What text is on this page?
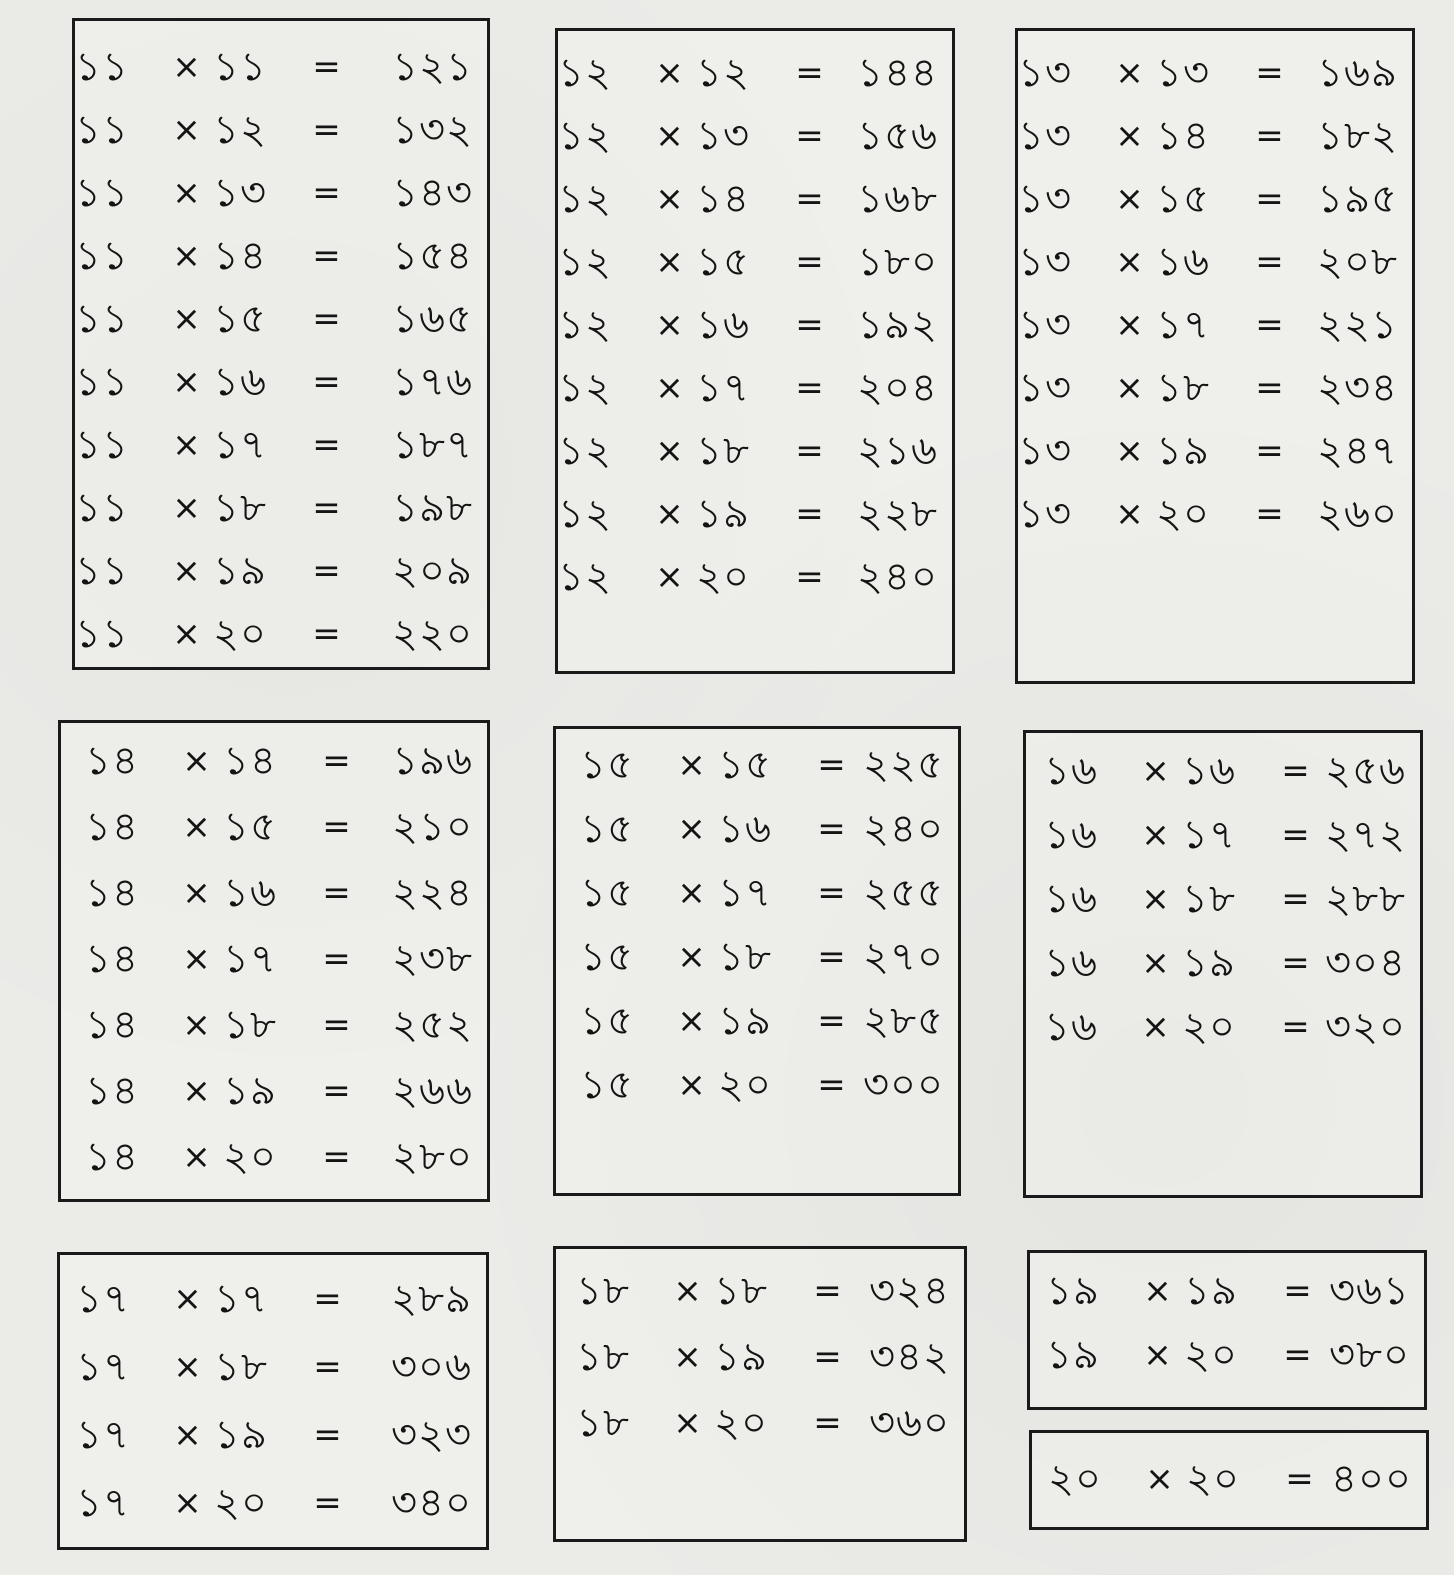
১১	× ১১	=	১২১
১১	× ১২	=	১৩২
১১	× ১৩	=	১৪৩
১১	× ১৪	=	১৫৪
১১	× ১৫	=	১৬৫
১১	× ১৬	=	১৭৬
১১	× ১৭	=	১৮৭
১১	× ১৮	=	১৯৮
১১	× ১৯	=	২০৯
১১	× ২০	=	২২০
১২	× ১২	= ১৪৪
১২	× ১৩	= ১৫৬
১২	× ১৪	= ১৬৮
১২	× ১৫	= ১৮০
১২	× ১৬	= ১৯২
১২	× ১৭	= ২০৪
১২	× ১৮	= ২১৬
১২	× ১৯	= ২২৮
১২	× ২০	= ২৪০
১৩	× ১৩	= ১৬৯
১৩	× ১৪	= ১৮২
১৩	× ১৫	= ১৯৫
১৩	× ১৬	= ২০৮
১৩	× ১৭	= ২২১
১৩	× ১৮	= ২৩৪
১৩	× ১৯	= ২৪৭
১৩	× ২০	= ২৬০
১৪	× ১৪	=	১৯৬
১৪	× ১৫	=	২১০
১৪	× ১৬	=	২২৪
১৪	× ১৭	=	২৩৮
১৪	× ১৮	=	২৫২
১৪	× ১৯	=	২৬৬
১৪	× ২০	=	২৮০
১৫	× ১৫	= ২২৫
১৫	× ১৬	= ২৪০
১৫	× ১৭	= ২৫৫
১৫	× ১৮	= ২৭০
১৫	× ১৯	= ২৮৫
১৫	× ২০	= ৩০০
১৬	× ১৬	= ২৫৬
১৬	× ১৭	= ২৭২
১৬	× ১৮	= ২৮৮
১৬	× ১৯	= ৩০৪
১৬	× ২০	= ৩২০
১৭	× ১৭	=	২৮৯
১৭	× ১৮	=	৩০৬
১৭	× ১৯	=	৩২৩
১৭	× ২০	=	৩৪০
১৮	× ১৮	= ৩২৪
১৮	× ১৯	= ৩৪২
১৮	× ২০	= ৩৬০
১৯	× ১৯	= ৩৬১
১৯	× ২০	= ৩৮০
২০	× ২০	= ৪০০
